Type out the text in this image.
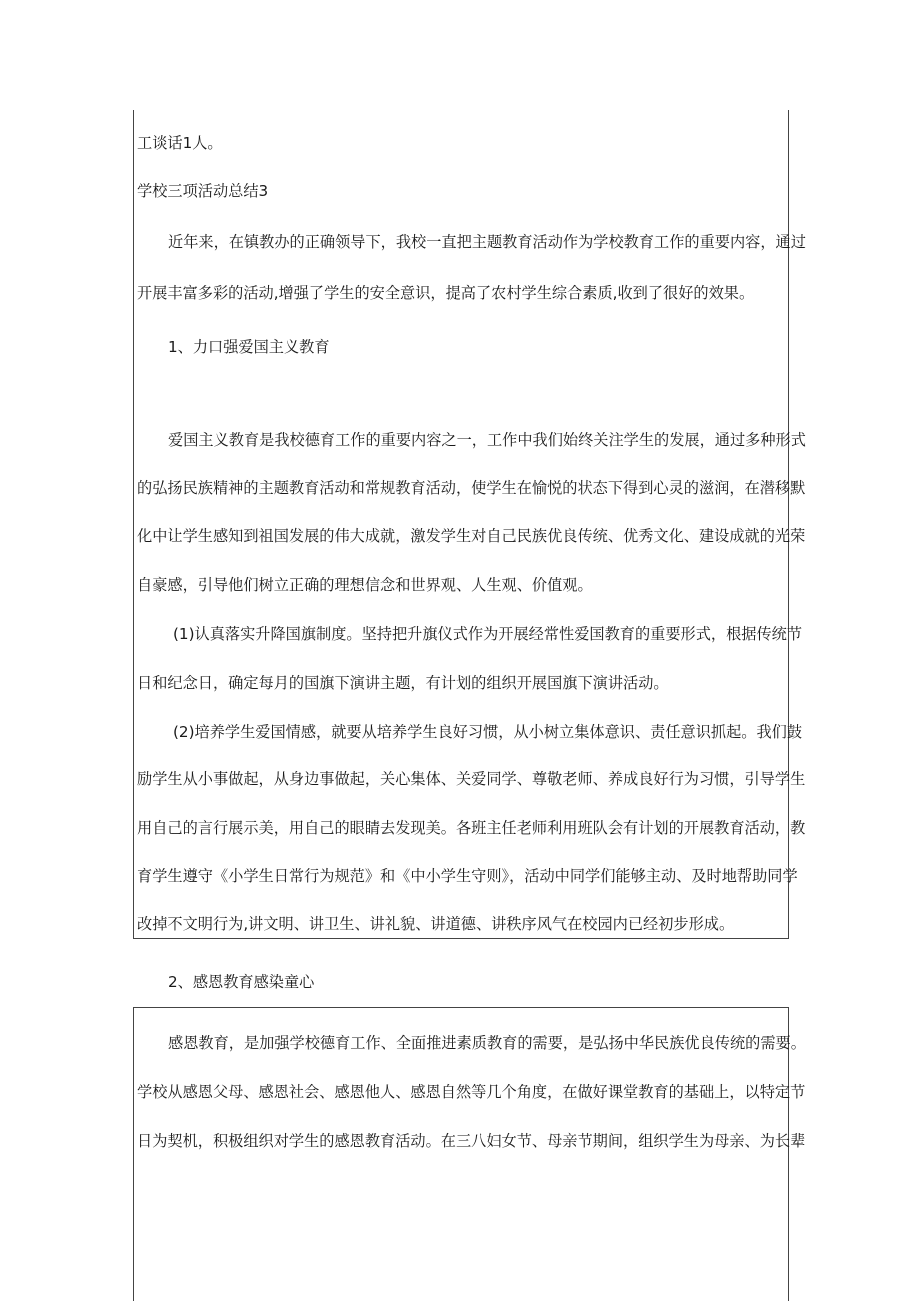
工谈话1人。

学校三项活动总结3

近年来，在镇教办的正确领导下，我校一直把主题教育活动作为学校教育工作的重要内容，通过

开展丰富多彩的活动,增强了学生的安全意识，提高了农村学生综合素质,收到了很好的效果。

1、力口强爱国主义教育

爱国主义教育是我校德育工作的重要内容之一，工作中我们始终关注学生的发展，通过多种形式

的弘扬民族精神的主题教育活动和常规教育活动，使学生在愉悦的状态下得到心灵的滋润，在潜移默

化中让学生感知到祖国发展的伟大成就，激发学生对自己民族优良传统、优秀文化、建设成就的光荣

自豪感，引导他们树立正确的理想信念和世界观、人生观、价值观。

(1)认真落实升降国旗制度。坚持把升旗仪式作为开展经常性爱国教育的重要形式，根据传统节

日和纪念日，确定每月的国旗下演讲主题，有计划的组织开展国旗下演讲活动。

(2)培养学生爱国情感，就要从培养学生良好习惯，从小树立集体意识、责任意识抓起。我们鼓

励学生从小事做起，从身边事做起，关心集体、关爱同学、尊敬老师、养成良好行为习惯，引导学生

用自己的言行展示美，用自己的眼睛去发现美。各班主任老师利用班队会有计划的开展教育活动，教

育学生遵守《小学生日常行为规范》和《中小学生守则》，活动中同学们能够主动、及时地帮助同学

改掉不文明行为,讲文明、讲卫生、讲礼貌、讲道德、讲秩序风气在校园内已经初步形成。

2、感恩教育感染童心

感恩教育，是加强学校德育工作、全面推进素质教育的需要，是弘扬中华民族优良传统的需要。

学校从感恩父母、感恩社会、感恩他人、感恩自然等几个角度，在做好课堂教育的基础上，以特定节

日为契机，积极组织对学生的感恩教育活动。在三八妇女节、母亲节期间，组织学生为母亲、为长辈
